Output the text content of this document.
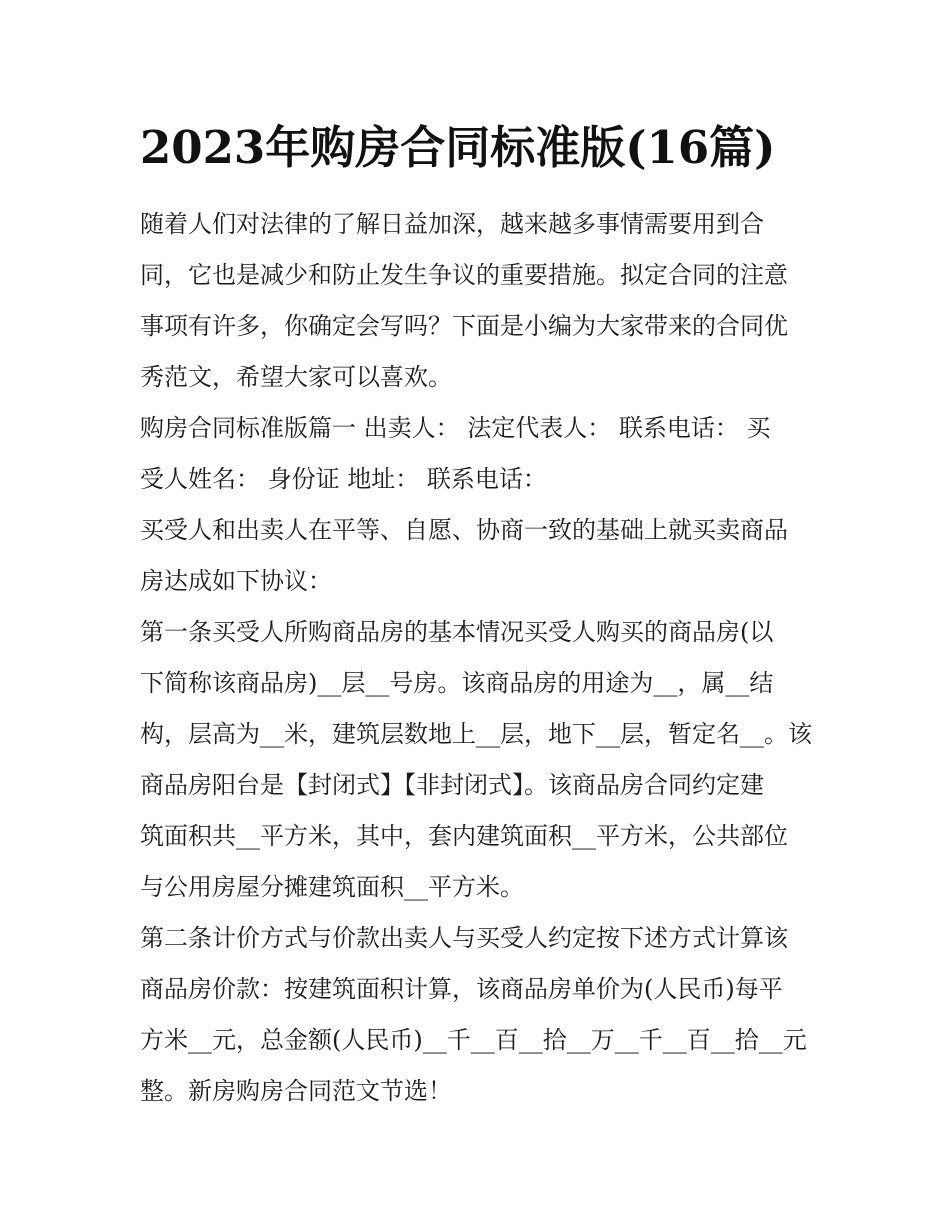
2023年购房合同标准版(16篇)
随着人们对法律的了解日益加深，越来越多事情需要用到合
同，它也是减少和防止发生争议的重要措施。拟定合同的注意
事项有许多，你确定会写吗？下面是小编为大家带来的合同优
秀范文，希望大家可以喜欢。
购房合同标准版篇一 出卖人： 法定代表人： 联系电话： 买
受人姓名： 身份证 地址： 联系电话：
买受人和出卖人在平等、自愿、协商一致的基础上就买卖商品
房达成如下协议：
第一条买受人所购商品房的基本情况买受人购买的商品房(以
下简称该商品房)__层__号房。该商品房的用途为__，属__结
构，层高为__米，建筑层数地上__层，地下__层，暂定名__。该
商品房阳台是【封闭式】【非封闭式】。该商品房合同约定建
筑面积共__平方米，其中，套内建筑面积__平方米，公共部位
与公用房屋分摊建筑面积__平方米。
第二条计价方式与价款出卖人与买受人约定按下述方式计算该
商品房价款：按建筑面积计算，该商品房单价为(人民币)每平
方米__元，总金额(人民币)__千__百__拾__万__千__百__拾__元
整。新房购房合同范文节选！
